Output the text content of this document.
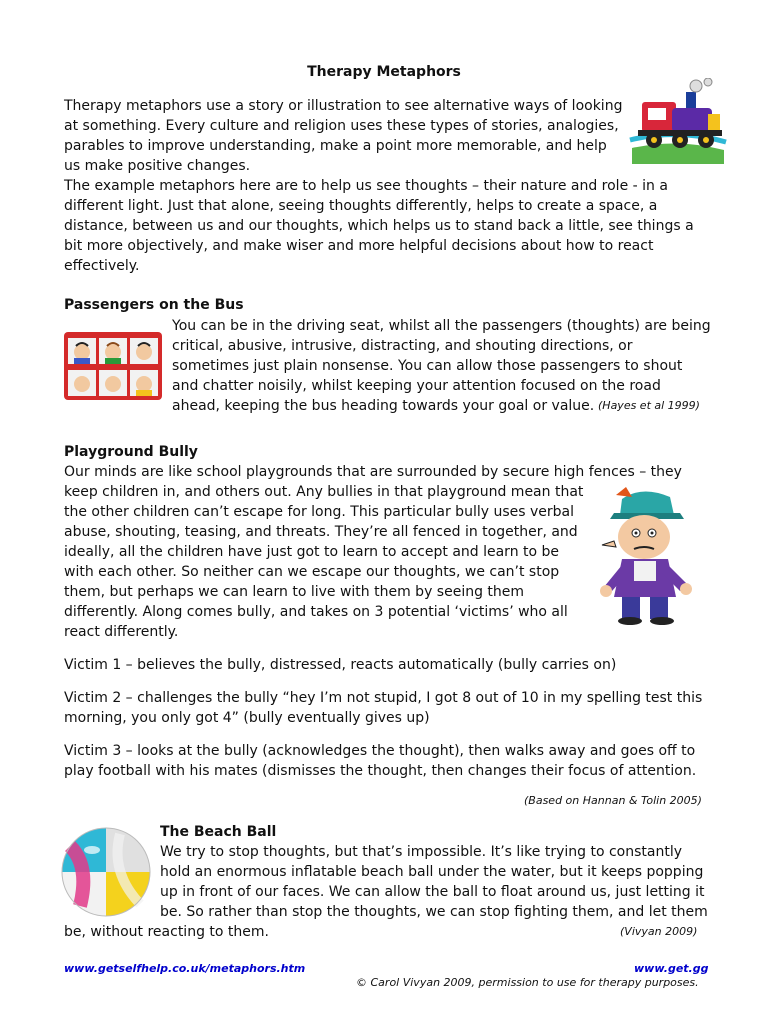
Therapy Metaphors

Therapy metaphors use a story or illustration to see alternative ways of looking at something. Every culture and religion uses these types of stories, analogies, parables to improve understanding, make a point more memorable, and help us make positive changes.

The example metaphors here are to help us see thoughts – their nature and role - in a different light. Just that alone, seeing thoughts differently, helps to create a space, a distance, between us and our thoughts, which helps us to stand back a little, see things a bit more objectively, and make wiser and more helpful decisions about how to react effectively.

Passengers on the Bus

You can be in the driving seat, whilst all the passengers (thoughts) are being critical, abusive, intrusive, distracting, and shouting directions, or sometimes just plain nonsense. You can allow those passengers to shout and chatter noisily, whilst keeping your attention focused on the road ahead, keeping the bus heading towards your goal or value. (Hayes et al 1999)
Playground Bully

Our minds are like school playgrounds that are surrounded by secure high fences – they

keep children in, and others out. Any bullies in that playground mean that the other children can’t escape for long. This particular bully uses verbal abuse, shouting, teasing, and threats. They’re all fenced in together, and ideally, all the children have just got to learn to accept and learn to be with each other. So neither can we escape our thoughts, we can’t stop them, but perhaps we can learn to live with them by seeing them differently. Along comes bully, and takes on 3 potential ‘victims’ who all react differently.

Victim 1 – believes the bully, distressed, reacts automatically (bully carries on)

Victim 2 – challenges the bully “hey I’m not stupid, I got 8 out of 10 in my spelling test this morning, you only got 4” (bully eventually gives up)

Victim 3 – looks at the bully (acknowledges the thought), then walks away and goes off to play football with his mates (dismisses the thought, then changes their focus of attention.

(Based on Hannan & Tolin 2005)
The Beach Ball

We try to stop thoughts, but that’s impossible. It’s like trying to constantly hold an enormous inflatable beach ball under the water, but it keeps popping up in front of our faces. We can allow the ball to float around us, just letting it be. So rather than stop the thoughts, we can stop fighting them, and let them

be, without reacting to them.	(Vivyan 2009)
www.getselfhelp.co.uk/metaphors.htm	www.get.gg
© Carol Vivyan 2009, permission to use for therapy purposes.
